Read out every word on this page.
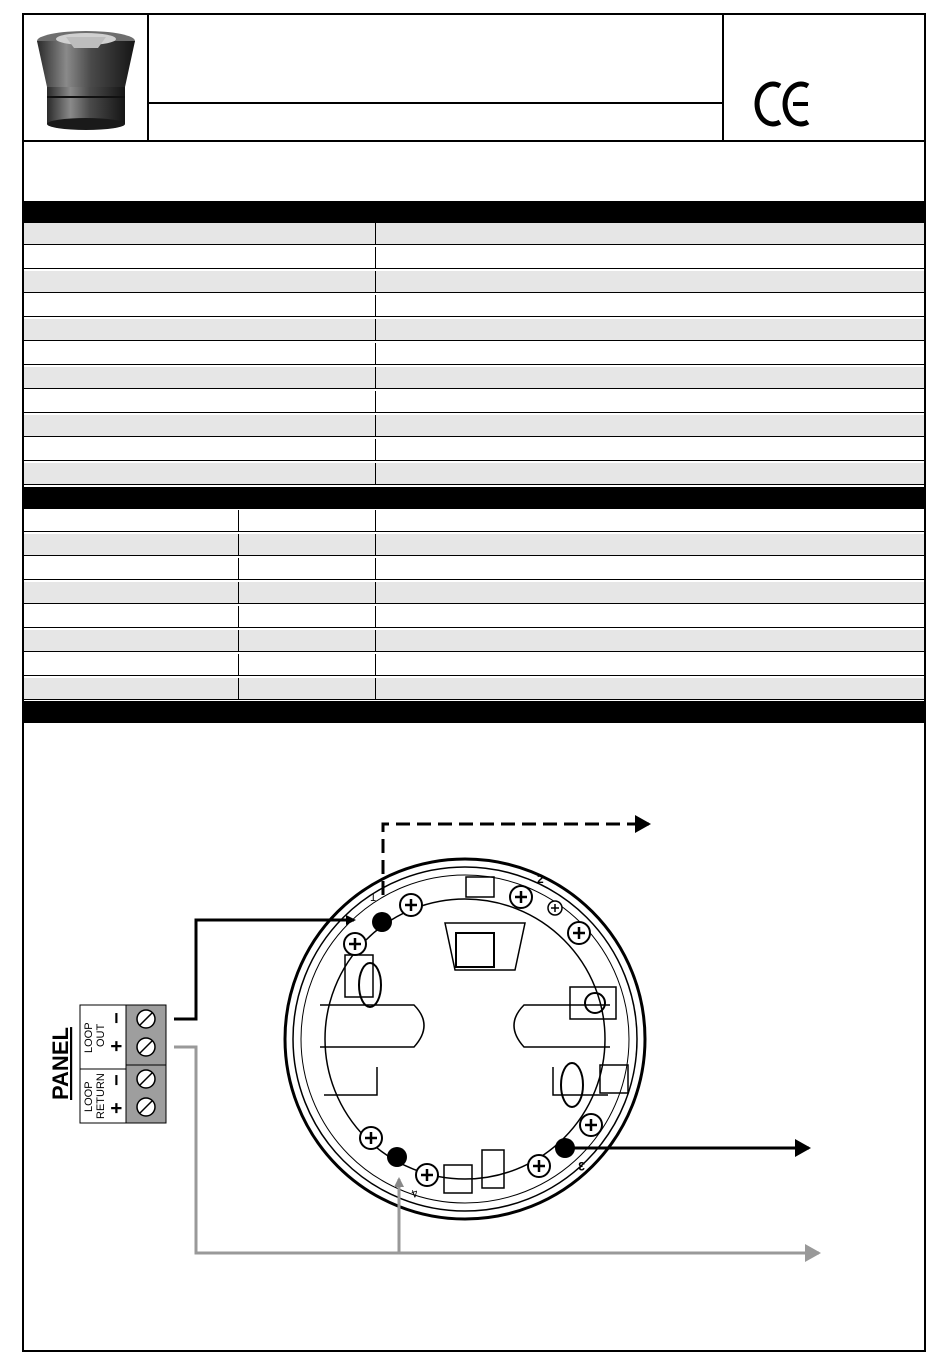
1
2
3
4
PANEL LOOP OUT
LOOP RETURN
−
+
−
+
